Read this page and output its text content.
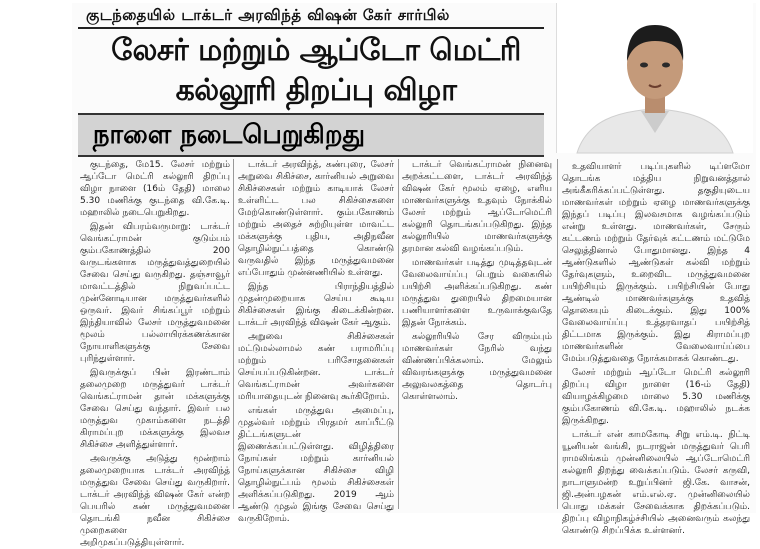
குடந்தையில் டாக்டர் அரவிந்த் விஷன் கேர் சார்பில்
லேசர் மற்றும் ஆப்டோ மெட்ரி
கல்லூரி திறப்பு விழா
நாளை நடைபெறுகிறது

குடந்தை, மே15. லேசர் மற்றும் ஆப்டோ மெட்ரி கல்லூரி திறப்பு விழா நாளை (16ம் தேதி) மாலை 5.30 மணிக்கு குடந்தை வி.கே.டி. மஹாலில் நடைபெறுகிறது.

இதன் விபரம்வருமாறு: டாக்டர் வெங்கட்ராமன் குடும்பம் கும்பகோணத்தில் 200 வருடங்களாக மருத்துவத்துறையில் சேவை செய்து வருகிறது. தஞ்சாவூர் மாவட்டத்தில் நிறுவப்பட்ட முன்னோடியான மருத்துவர்களில் ஒருவர். இவர் சிங்கப்பூர் மற்றும் இந்தியாவில் லேசர் மருத்துவமனை மூலம் பல்லாயிரக்கணக்கான நோயாளிகளுக்கு சேவை புரிந்துள்ளார்.

இவருக்குப் பின் இரண்டாம் தலைமுறை மருத்துவர் டாக்டர் வெங்கட்ராமன் தான் மக்களுக்கு சேவை செய்து வந்தார். இவர் பல மருத்துவ முகாம்களை நடத்தி கிராமப்புற மக்களுக்கு இலவச சிகிச்சை அளித்துள்ளார்.

அவருக்கு அடுத்து மூன்றாம் தலைமுறையாக டாக்டர் அரவிந்த் மருத்துவ சேவை செய்து வருகிறார். டாக்டர் அரவிந்த் விஷன் கேர் என்ற பெயரில் கண் மருத்துவமனை தொடங்கி நவீன சிகிச்சை முறைகளை அறிமுகப்படுத்தியுள்ளார்.

டாக்டர் அரவிந்த், கண்புரை, லேசர் அறுவை சிகிச்சை, கார்னியல் அறுவை சிகிச்சைகள் மற்றும் காடியாக் லேசர் உள்ளிட்ட பல சிகிச்சைகளை மேற்கொண்டுள்ளார். கும்பகோணம் மற்றும் அதைச் சுற்றியுள்ள மாவட்ட மக்களுக்கு புதிய, அதிநவீன தொழில்நுட்பத்தை கொண்டு வருவதில் இந்த மருத்துவமனை எப்போதும் முன்னணியில் உள்ளது.

இந்த பிராந்தியத்தில் முதன்முறையாக செய்ய கூடிய சிகிச்சைகள் இங்கு கிடைக்கின்றன. டாக்டர் அரவிந்த் விஷன் கேர் ஆகும்.

அறுவை சிகிச்சைகள் மட்டுமல்லாமல் கண் பராமரிப்பு மற்றும் பரிசோதனைகள் செய்யப்படுகின்றன. டாக்டர் வெங்கட்ராமன் அவர்களை மரியாதையுடன் நினைவு கூர்கிறோம்.

எங்கள் மருத்துவ அமைப்பு, முதல்வர் மற்றும் பிரதமர் காப்பீட்டு திட்டங்களுடன் இணைக்கப்பட்டுள்ளது. விழித்திரை நோய்கள் மற்றும் கார்னியல் நோய்களுக்கான சிகிச்சை விழி தொழில்நுட்பம் மூலம் சிகிச்சைகள் அளிக்கப்படுகிறது. 2019 ஆம் ஆண்டு முதல் இங்கு சேவை செய்து வருகிறோம்.

டாக்டர் வெங்கட்ராமன் நினைவு அறக்கட்டளை, டாக்டர் அரவிந்த் விஷன் கேர் மூலம் ஏழை, எளிய மாணவர்களுக்கு உதவும் நோக்கில் லேசர் மற்றும் ஆப்டோமெட்ரி கல்லூரி தொடங்கப்படுகிறது. இந்த கல்லூரியில் மாணவர்களுக்கு தரமான கல்வி வழங்கப்படும்.

மாணவர்கள் படித்து முடித்தவுடன் வேலைவாய்ப்பு பெறும் வகையில் பயிற்சி அளிக்கப்படுகிறது. கண் மருத்துவ துறையில் திறமையான பணியாளர்களை உருவாக்குவதே இதன் நோக்கம்.

கல்லூரியில் சேர விரும்பும் மாணவர்கள் நேரில் வந்து விண்ணப்பிக்கலாம். மேலும் விவரங்களுக்கு மருத்துவமனை அலுவலகத்தை தொடர்பு கொள்ளலாம்.

உதவியாளர் படிப்புகளில் டிப்ளமோ தொடங்க மத்திய நிறுவனத்தால் அங்கீகரிக்கப்பட்டுள்ளது. தகுதியுடைய மாணவர்கள் மற்றும் ஏழை மாணவர்களுக்கு இந்தப் படிப்பு இலவசமாக வழங்கப்படும் என்று உள்ளது. மாணவர்கள், சேரும் கட்டணம் மற்றும் தேர்வுக் கட்டணம் மட்டுமே செலுத்தினால் போதுமானது. இந்த 4 ஆண்டுகளில் ஆண்டுகள் கல்வி மற்றும் தேர்வுகளும், உறைவிட மருத்துவமனை பயிற்சியும் இருக்கும். பயிற்சியின் போது ஆண்டில் மாணவர்களுக்கு உதவித் தொகையும் கிடைக்கும். இது 100% வேலைவாய்ப்பு உத்தரவாதப் பயிற்சித் திட்டமாக இருக்கும். இது கிராமப்புற மாணவர்களின் வேலைவாய்ப்பை மேம்படுத்துவதை நோக்கமாகக் கொண்டது.

லேசர் மற்றும் ஆப்டோ மெட்ரி கல்லூரி திறப்பு விழா நாளை (16-ம் தேதி) வியாழக்கிழமை மாலை 5.30 மணிக்கு கும்பகோணம் வி.கே.டி. மஹாலில் நடக்க இருக்கிறது.

டாக்டர் என் காமகோடி சிறு எம்.டி. நிட்டி யூனியன் வங்கி, நடராஜன் மருத்துவர் பெரி ராமலிங்கம் முன்னிலையில் ஆப்டோமெட்ரி கல்லூரி திறந்து வைக்கப்படும். லேசர் கருவி, நாடாளுமன்ற உறுப்பினர் ஜி.கே. வாசன், ஜி.அன்பழகன் எம்.எல்.ஏ. முன்னிலையில் பொது மக்கள் சேவைக்காக திறக்கப்படும். திறப்பு விழாநிகழ்ச்சியில் அனைவரும் கலந்து கொண்டு சிறப்பிக்க உள்ளனர்.
